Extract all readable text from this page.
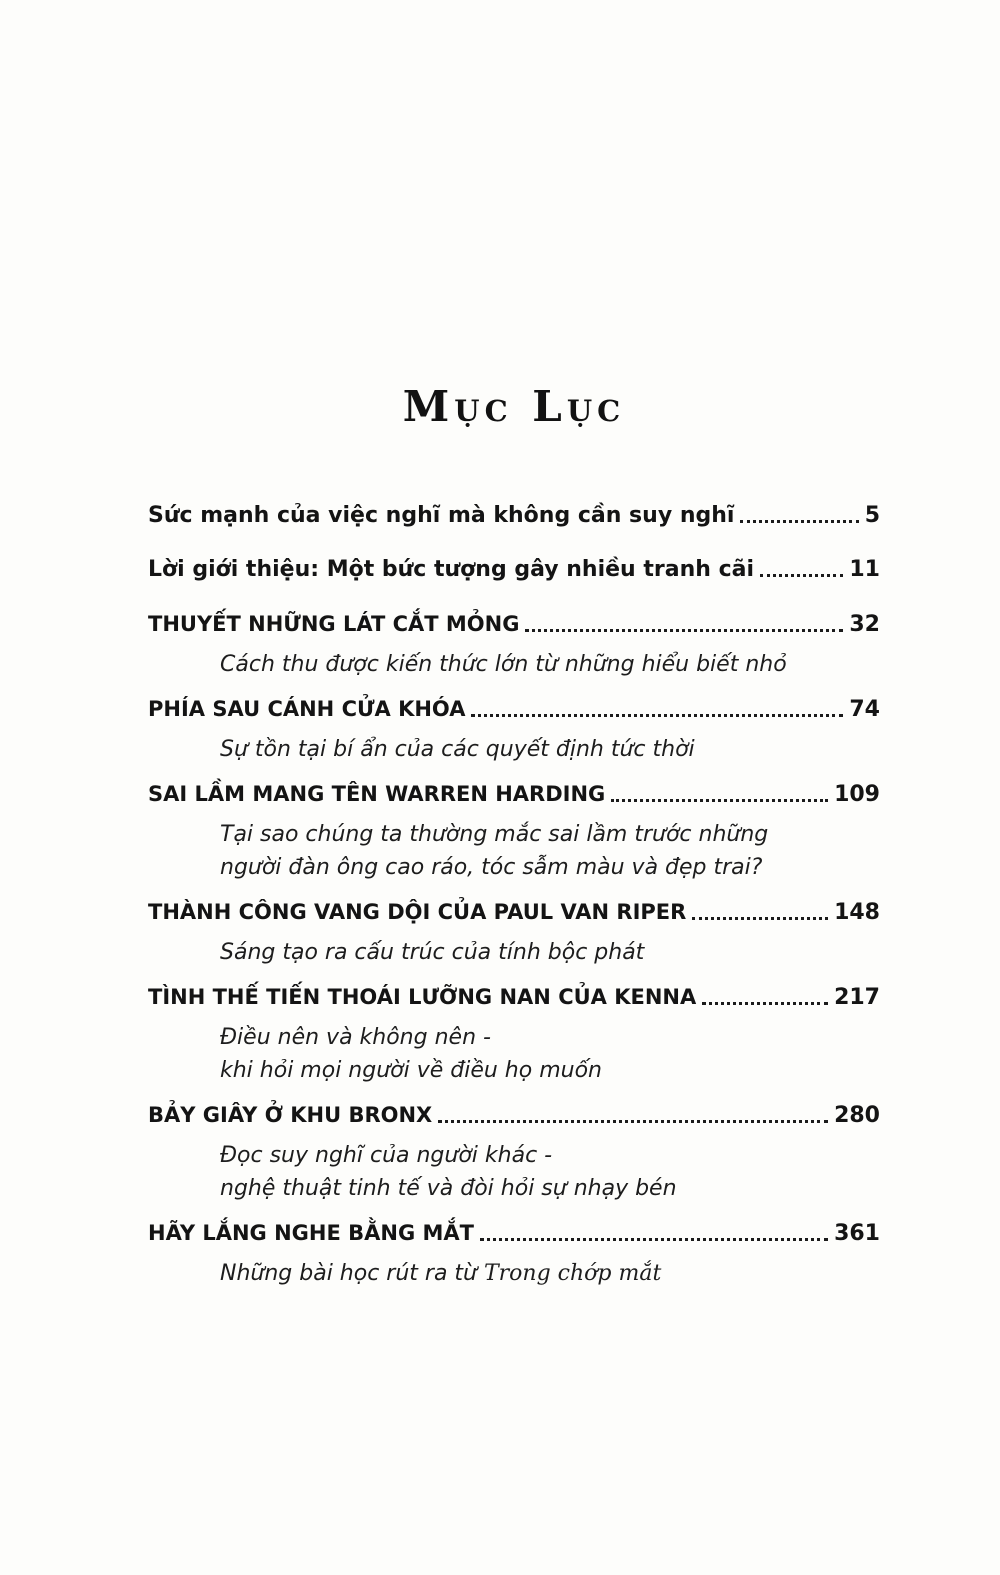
Mục Lục
Sức mạnh của việc nghĩ mà không cần suy nghĩ	5
Lời giới thiệu: Một bức tượng gây nhiều tranh cãi	11
THUYẾT NHỮNG LÁT CẮT MỎNG	32
Cách thu được kiến thức lớn từ những hiểu biết nhỏ
PHÍA SAU CÁNH CỬA KHÓA	74
Sự tồn tại bí ẩn của các quyết định tức thời
SAI LẦM MANG TÊN WARREN HARDING	109
Tại sao chúng ta thường mắc sai lầm trước những
người đàn ông cao ráo, tóc sẫm màu và đẹp trai?
THÀNH CÔNG VANG DỘI CỦA PAUL VAN RIPER	148
Sáng tạo ra cấu trúc của tính bộc phát
TÌNH THẾ TIẾN THOÁI LƯỠNG NAN CỦA KENNA	217
Điều nên và không nên -
khi hỏi mọi người về điều họ muốn
BẢY GIÂY Ở KHU BRONX	280
Đọc suy nghĩ của người khác -
nghệ thuật tinh tế và đòi hỏi sự nhạy bén
HÃY LẮNG NGHE BẰNG MẮT	361
Những bài học rút ra từ Trong chớp mắt
